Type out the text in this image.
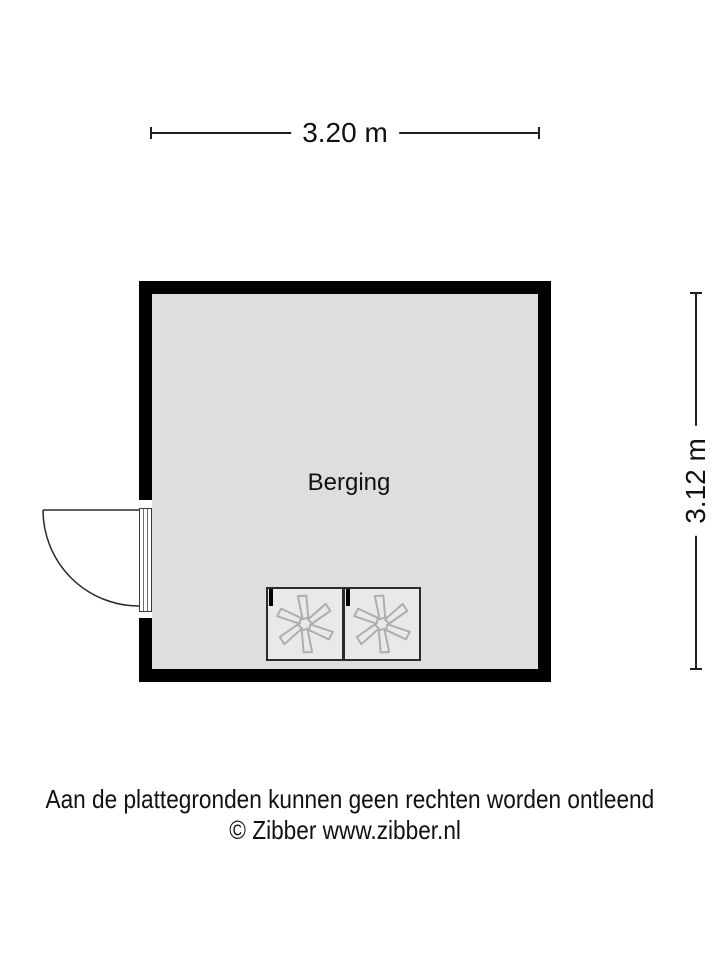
3.20 m
Berging	3.12 m
Aan de plattegronden kunnen geen rechten worden ontleend
© Zibber www.zibber.nl
